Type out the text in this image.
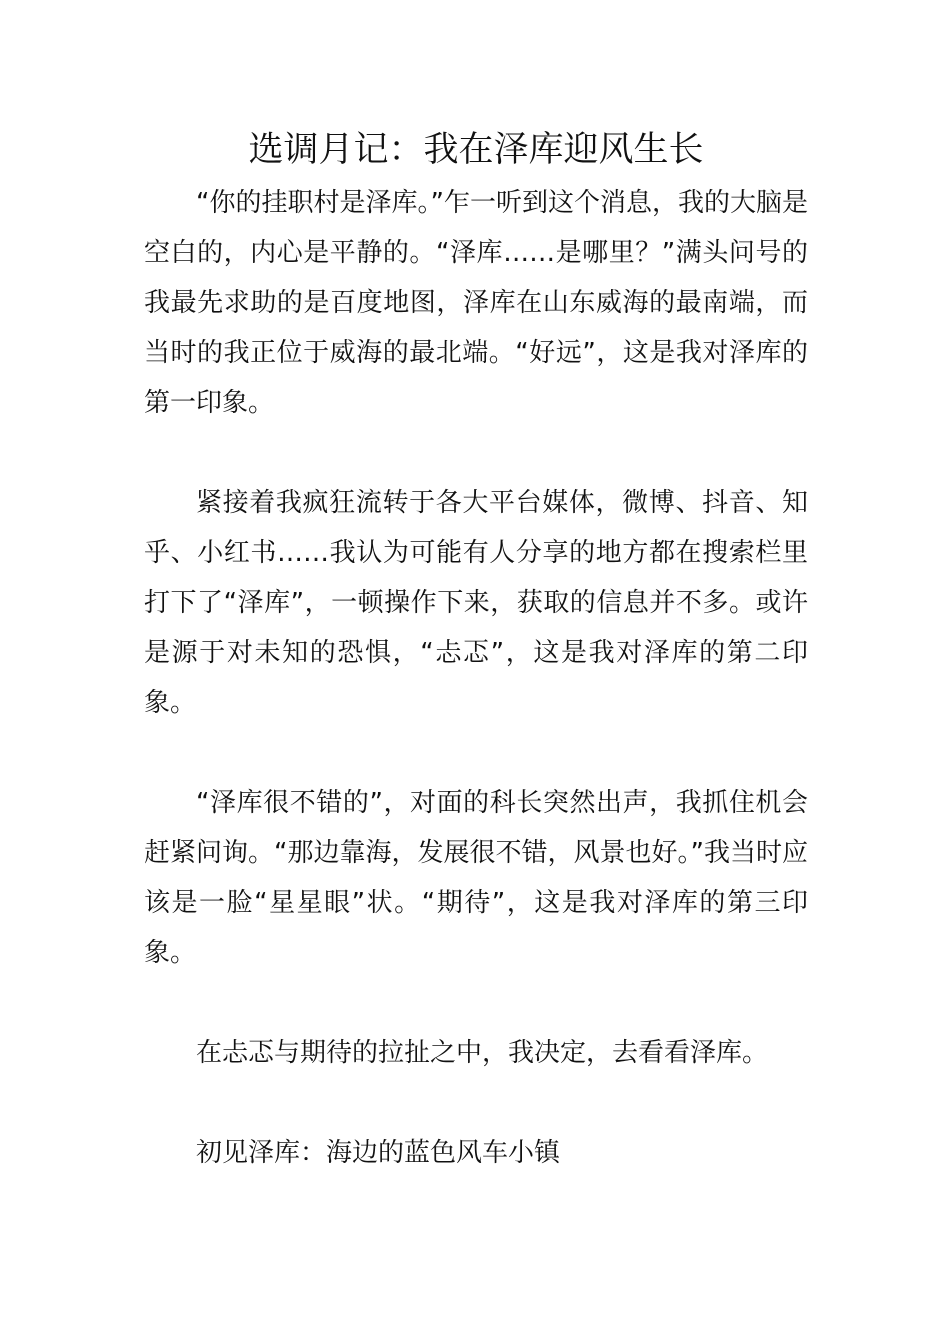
选调月记：我在泽库迎风生长

“你的挂职村是泽库。”乍一听到这个消息，我的大脑是空白的，内心是平静的。“泽库……是哪里？”满头问号的我最先求助的是百度地图，泽库在山东威海的最南端，而当时的我正位于威海的最北端。“好远”，这是我对泽库的第一印象。

紧接着我疯狂流转于各大平台媒体，微博、抖音、知乎、小红书……我认为可能有人分享的地方都在搜索栏里打下了“泽库”，一顿操作下来，获取的信息并不多。或许是源于对未知的恐惧，“忐忑”，这是我对泽库的第二印象。

“泽库很不错的”，对面的科长突然出声，我抓住机会赶紧问询。“那边靠海，发展很不错，风景也好。”我当时应该是一脸“星星眼”状。“期待”，这是我对泽库的第三印象。

在忐忑与期待的拉扯之中，我决定，去看看泽库。

初见泽库：海边的蓝色风车小镇
